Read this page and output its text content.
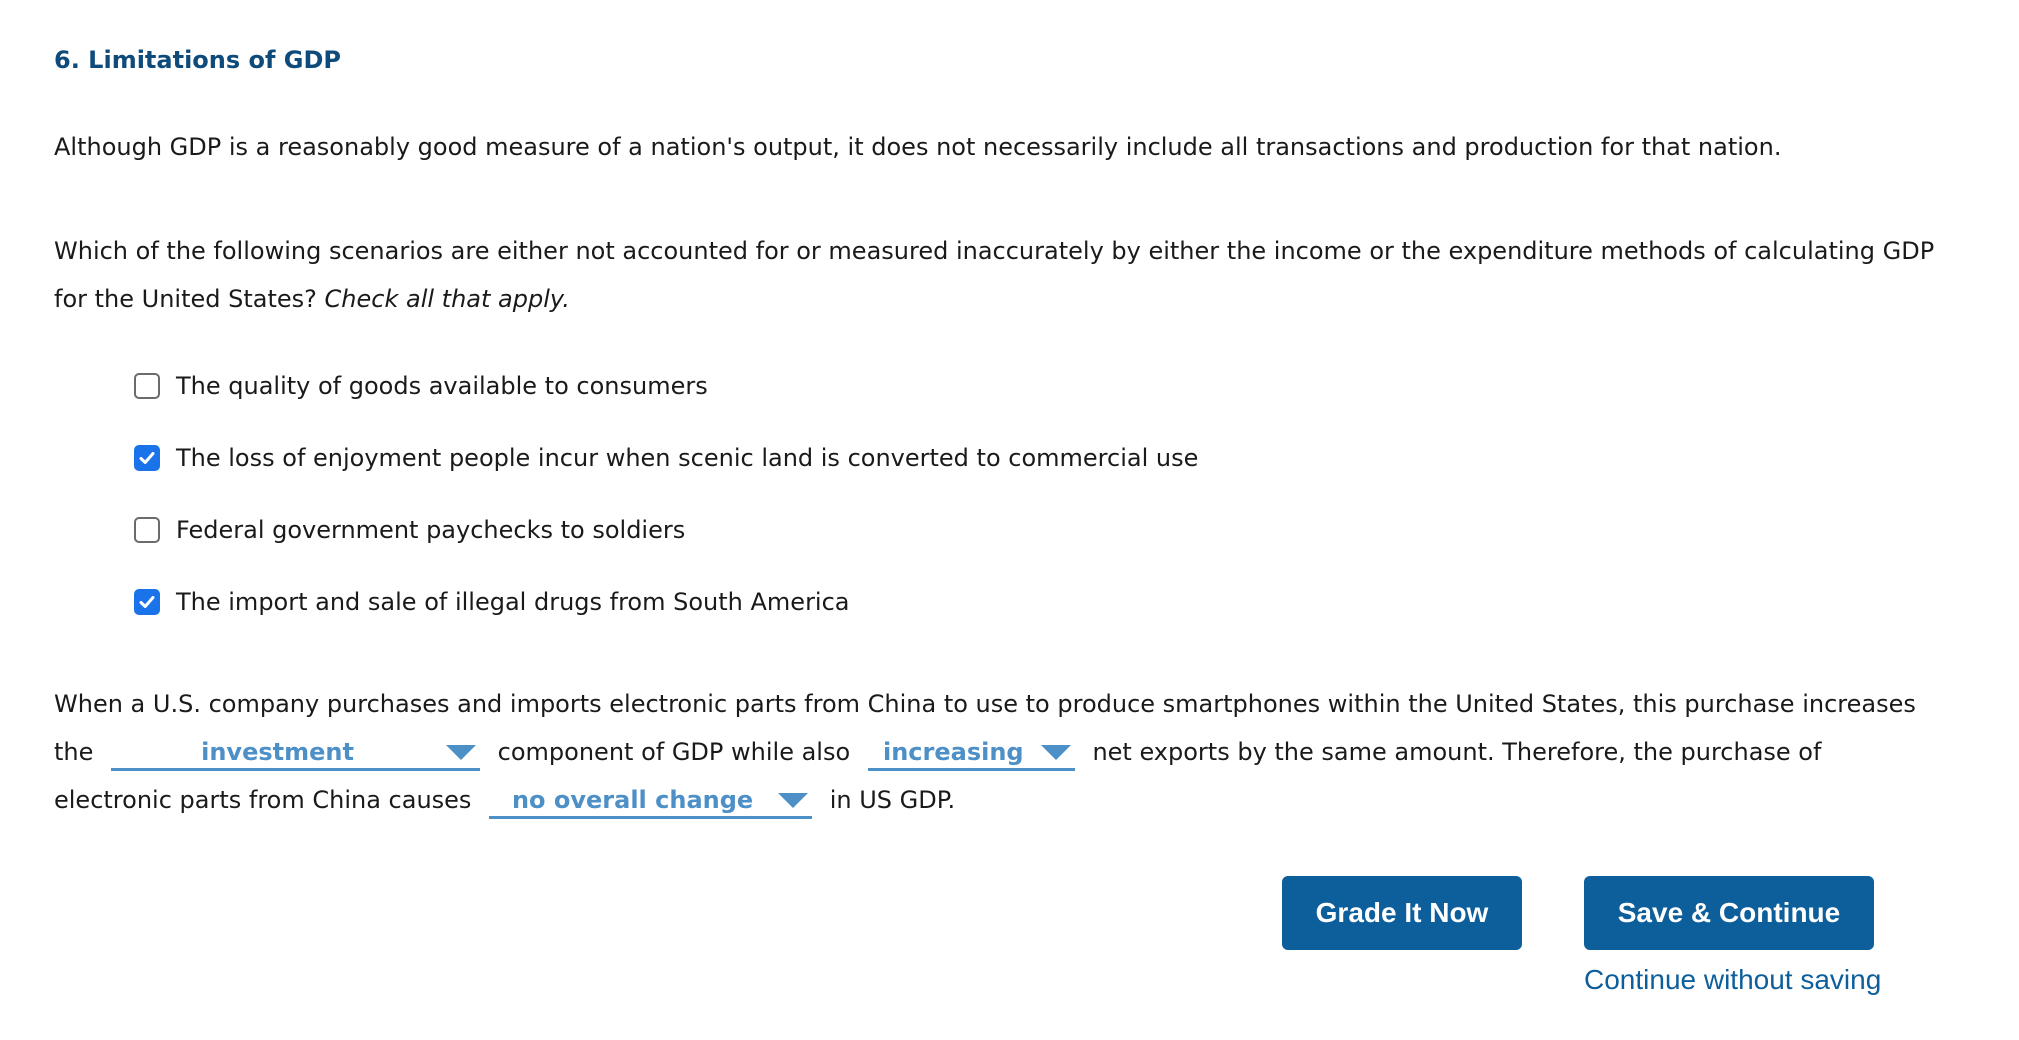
6. Limitations of GDP

Although GDP is a reasonably good measure of a nation's output, it does not necessarily include all transactions and production for that nation.

Which of the following scenarios are either not accounted for or measured inaccurately by either the income or the expenditure methods of calculating GDP for the United States? Check all that apply.

The quality of goods available to consumers
The loss of enjoyment people incur when scenic land is converted to commercial use
Federal government paychecks to soldiers
The import and sale of illegal drugs from South America

When a U.S. company purchases and imports electronic parts from China to use to produce smartphones within the United States, this purchase increases the	investment	component of GDP while also increasing	net exports by the same amount. Therefore, the purchase of electronic parts from China causes	no overall change	in US GDP.

Grade It Now	Save & Continue
Continue without saving
